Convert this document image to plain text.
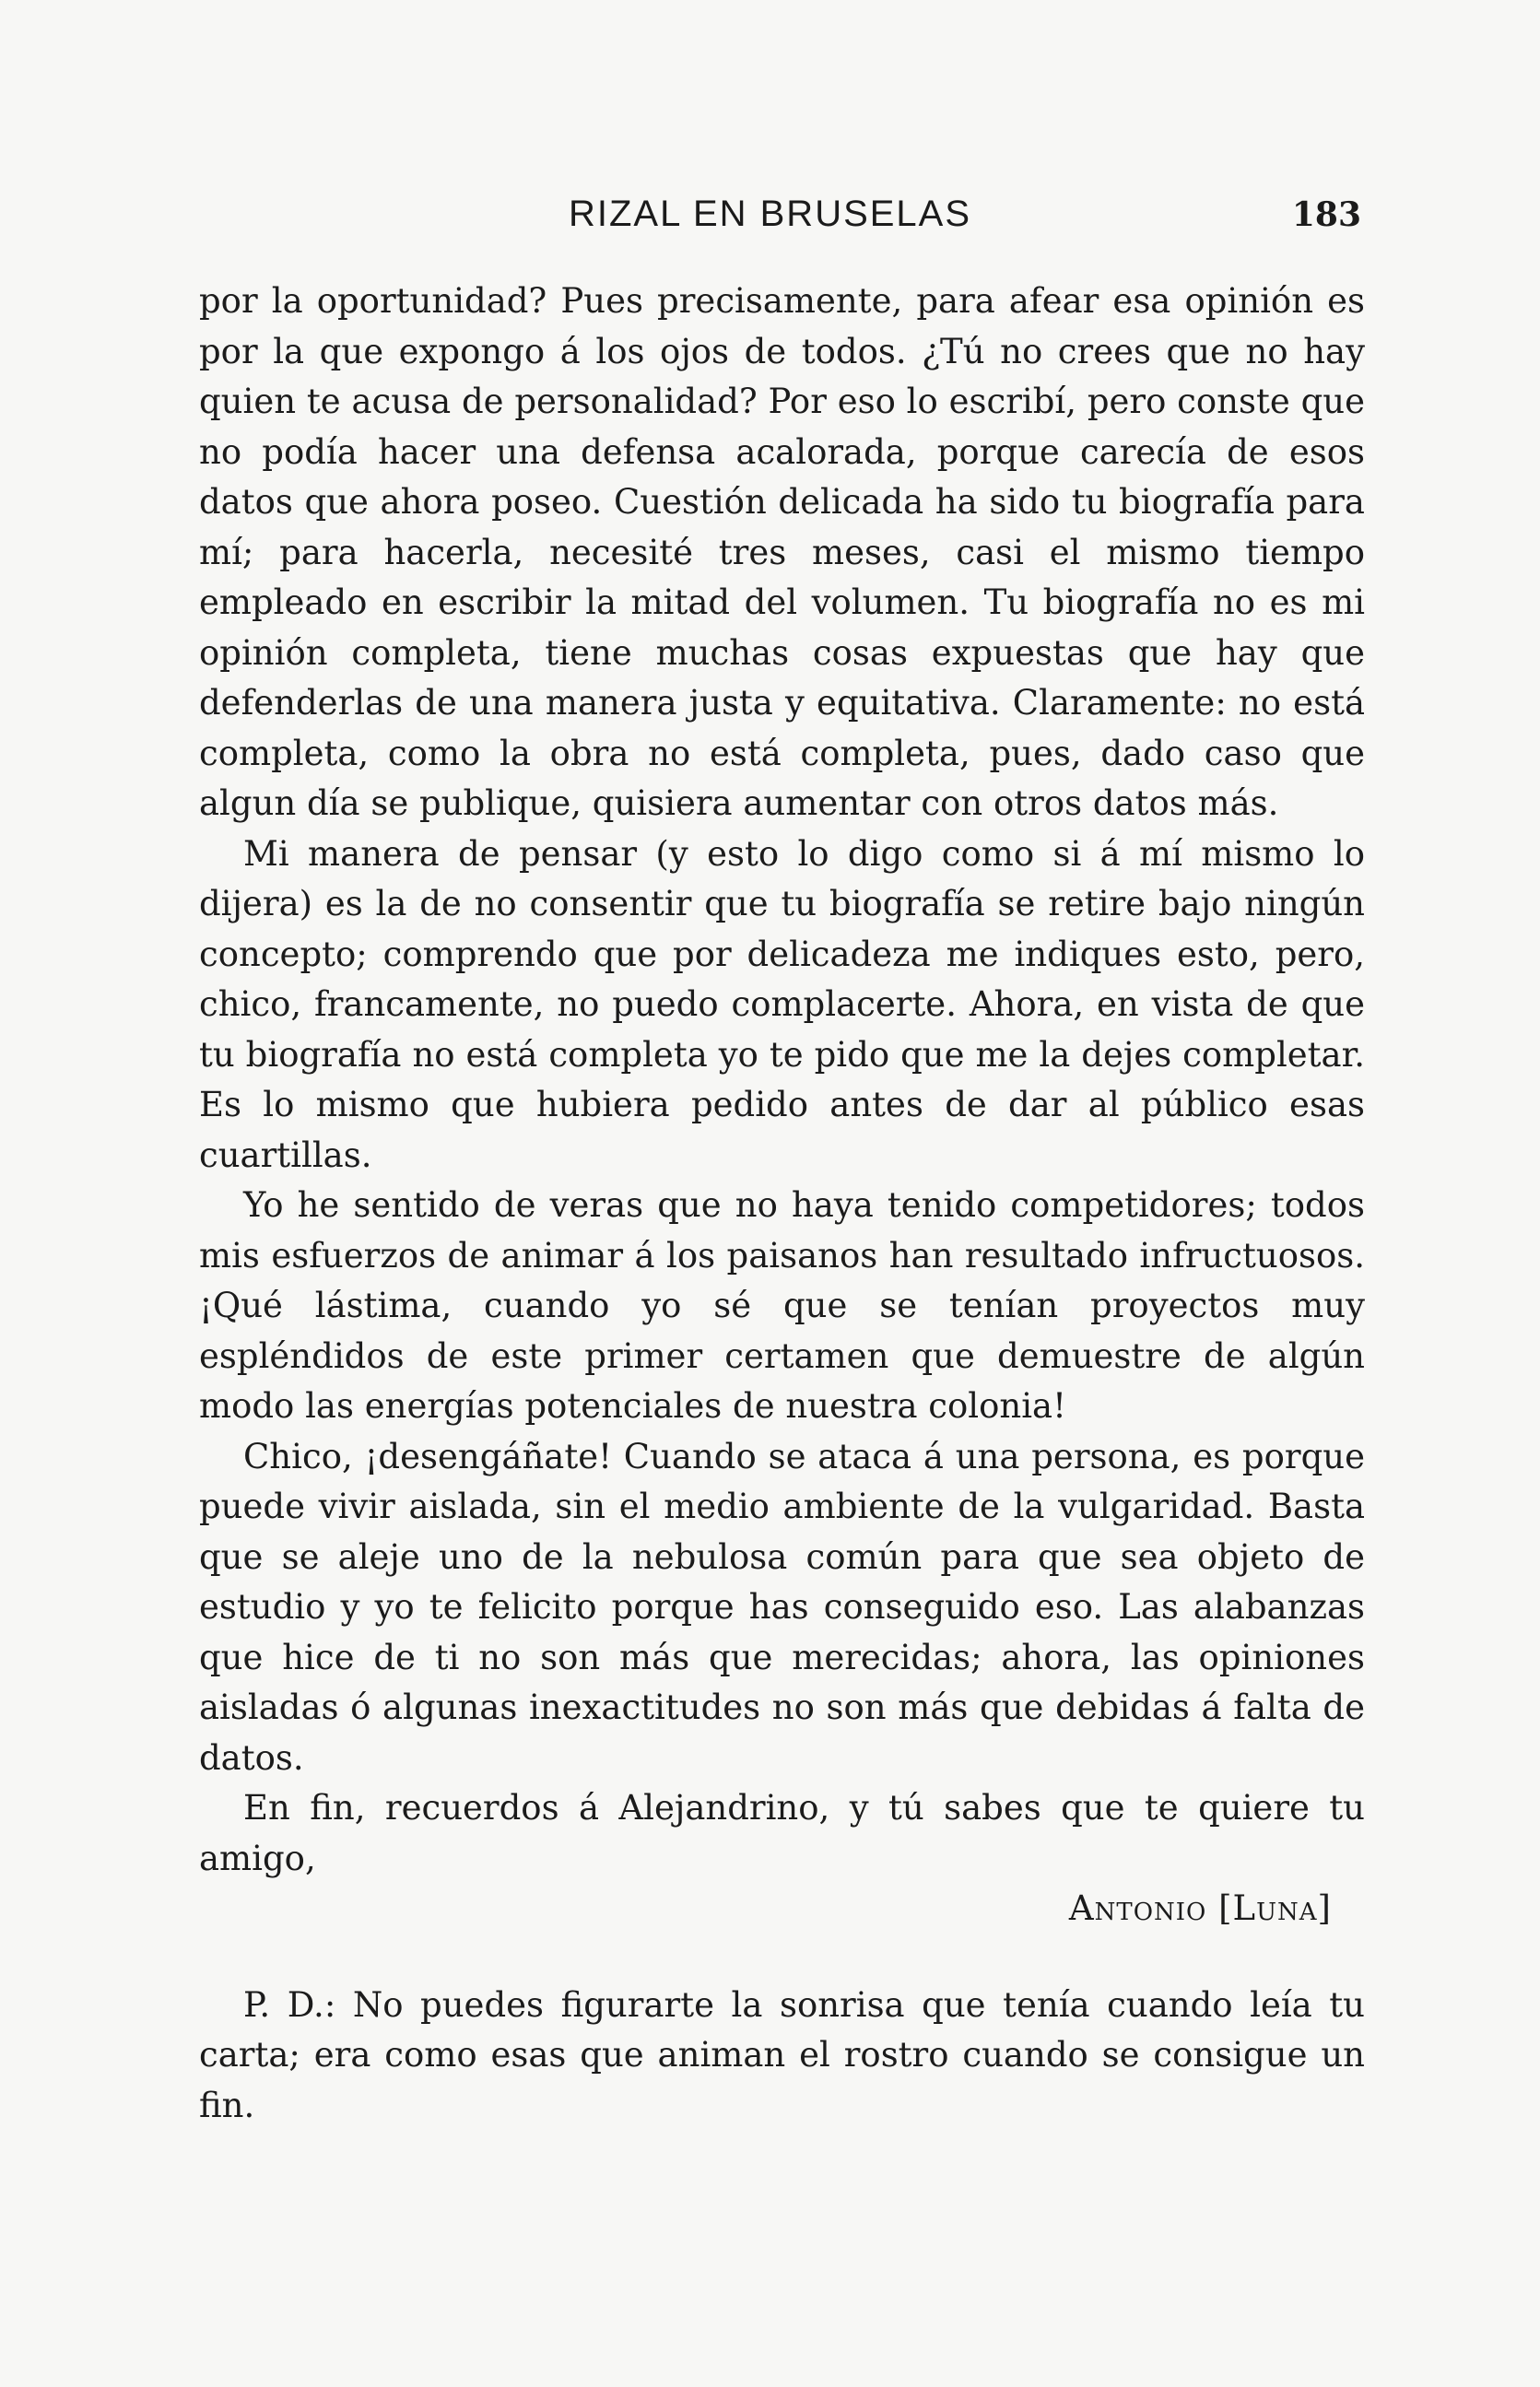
RIZAL EN BRUSELAS	183

por la oportunidad? Pues precisamente, para afear esa opinión es por la que expongo á los ojos de todos. ¿Tú no crees que no hay quien te acusa de personalidad? Por eso lo escribí, pero conste que no podía hacer una defensa acalorada, porque carecía de esos datos que ahora poseo. Cuestión delicada ha sido tu biografía para mí; para hacerla, necesité tres meses, casi el mismo tiempo empleado en escribir la mitad del volumen. Tu biografía no es mi opinión completa, tiene muchas cosas expuestas que hay que defenderlas de una manera justa y equitativa. Claramente: no está completa, como la obra no está completa, pues, dado caso que algun día se publique, quisiera aumentar con otros datos más.

Mi manera de pensar (y esto lo digo como si á mí mismo lo dijera) es la de no consentir que tu biografía se retire bajo ningún concepto; comprendo que por delicadeza me indiques esto, pero, chico, francamente, no puedo complacerte. Ahora, en vista de que tu biografía no está completa yo te pido que me la dejes completar. Es lo mismo que hubiera pedido antes de dar al público esas cuartillas.

Yo he sentido de veras que no haya tenido competidores; todos mis esfuerzos de animar á los paisanos han resultado infructuosos. ¡Qué lástima, cuando yo sé que se tenían proyectos muy espléndidos de este primer certamen que demuestre de algún modo las energías potenciales de nuestra colonia!

Chico, ¡desengáñate! Cuando se ataca á una persona, es porque puede vivir aislada, sin el medio ambiente de la vulgaridad. Basta que se aleje uno de la nebulosa común para que sea objeto de estudio y yo te felicito porque has conseguido eso. Las alabanzas que hice de ti no son más que merecidas; ahora, las opiniones aisladas ó algunas inexactitudes no son más que debidas á falta de datos.

En fin, recuerdos á Alejandrino, y tú sabes que te quiere tu amigo,

Antonio [Luna]

P. D.: No puedes figurarte la sonrisa que tenía cuando leía tu carta; era como esas que animan el rostro cuando se consigue un fin.
